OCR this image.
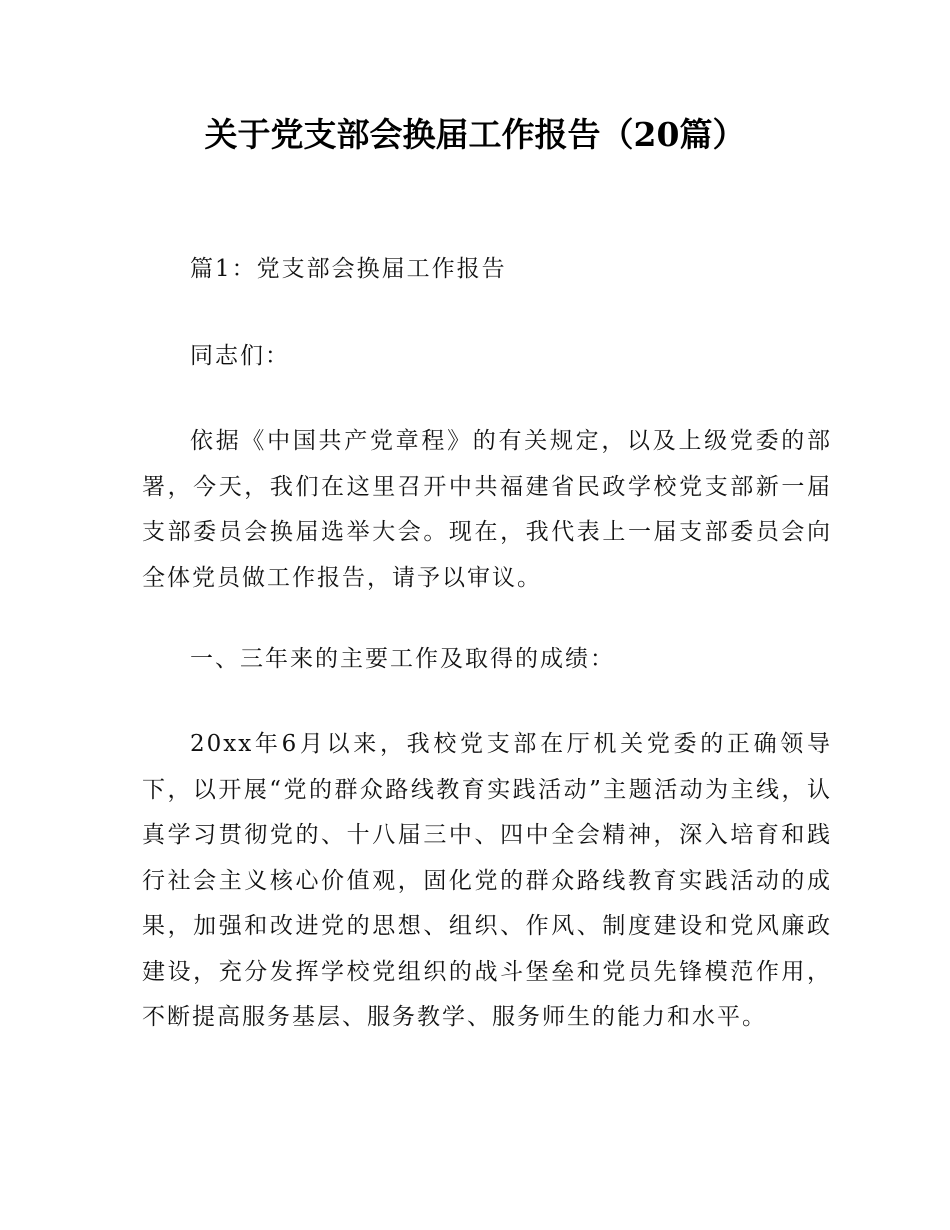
关于党支部会换届工作报告（20篇）

篇1：党支部会换届工作报告

同志们：

依据《中国共产党章程》的有关规定，以及上级党委的部署，今天，我们在这里召开中共福建省民政学校党支部新一届支部委员会换届选举大会。现在，我代表上一届支部委员会向全体党员做工作报告，请予以审议。

一、三年来的主要工作及取得的成绩：

20xx年6月以来，我校党支部在厅机关党委的正确领导下，以开展“党的群众路线教育实践活动”主题活动为主线，认真学习贯彻党的、十八届三中、四中全会精神，深入培育和践行社会主义核心价值观，固化党的群众路线教育实践活动的成果，加强和改进党的思想、组织、作风、制度建设和党风廉政建设，充分发挥学校党组织的战斗堡垒和党员先锋模范作用，不断提高服务基层、服务教学、服务师生的能力和水平。
